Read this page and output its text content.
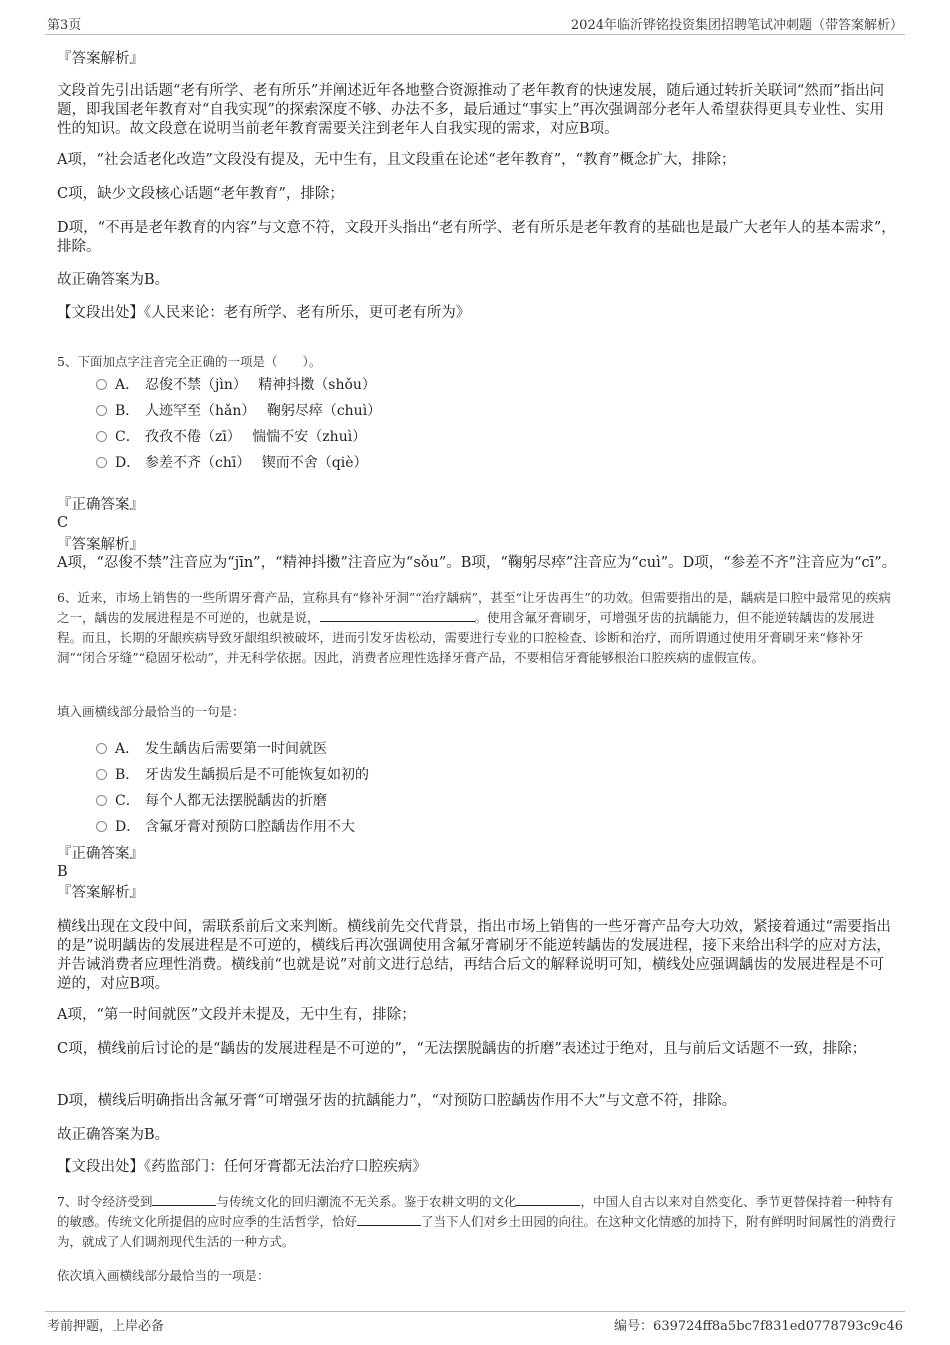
第3页	2024年临沂铧铭投资集团招聘笔试冲刺题（带答案解析）
『答案解析』
文段首先引出话题“老有所学、老有所乐”并阐述近年各地整合资源推动了老年教育的快速发展，随后通过转折关联词“然而”指出问题，即我国老年教育对“自我实现”的探索深度不够、办法不多，最后通过“事实上”再次强调部分老年人希望获得更具专业性、实用性的知识。故文段意在说明当前老年教育需要关注到老年人自我实现的需求，对应B项。
A项，“社会适老化改造”文段没有提及，无中生有，且文段重在论述“老年教育”，“教育”概念扩大，排除；
C项，缺少文段核心话题“老年教育”，排除；
D项，“不再是老年教育的内容”与文意不符，文段开头指出“老有所学、老有所乐是老年教育的基础也是最广大老年人的基本需求”，排除。
故正确答案为B。
【文段出处】《人民来论：老有所学、老有所乐，更可老有所为》
5、下面加点字注音完全正确的一项是（　　）。
A． 忍俊不禁（jìn）　 精神抖擞（shǒu）
B． 人迹罕至（hǎn）　 鞠躬尽瘁（chuì）
C． 孜孜不倦（zī）　 惴惴不安（zhuì）
D． 参差不齐（chī）　 锲而不舍（qiè）
『正确答案』
C
『答案解析』
A项，“忍俊不禁”注音应为“jīn”，“精神抖擞”注音应为“sǒu”。B项，“鞠躬尽瘁”注音应为“cuì”。D项，“参差不齐”注音应为“cī”。
6、近来，市场上销售的一些所谓牙膏产品，宣称具有“修补牙洞”“治疗龋病”，甚至“让牙齿再生”的功效。但需要指出的是，龋病是口腔中最常见的疾病之一，龋齿的发展进程是不可逆的，也就是说，	。使用含氟牙膏刷牙，可增强牙齿的抗龋能力，但不能逆转龋齿的发展进程。而且，长期的牙龈疾病导致牙龈组织被破坏，进而引发牙齿松动，需要进行专业的口腔检查、诊断和治疗，而所谓通过使用牙膏刷牙来“修补牙洞”“闭合牙缝”“稳固牙松动”，并无科学依据。因此，消费者应理性选择牙膏产品，不要相信牙膏能够根治口腔疾病的虚假宣传。
填入画横线部分最恰当的一句是：
A． 发生龋齿后需要第一时间就医
B． 牙齿发生龋损后是不可能恢复如初的
C． 每个人都无法摆脱龋齿的折磨
D． 含氟牙膏对预防口腔龋齿作用不大
『正确答案』
B
『答案解析』
横线出现在文段中间，需联系前后文来判断。横线前先交代背景，指出市场上销售的一些牙膏产品夸大功效，紧接着通过“需要指出的是”说明龋齿的发展进程是不可逆的，横线后再次强调使用含氟牙膏刷牙不能逆转龋齿的发展进程，接下来给出科学的应对方法，并告诫消费者应理性消费。横线前“也就是说”对前文进行总结，再结合后文的解释说明可知，横线处应强调龋齿的发展进程是不可逆的，对应B项。
A项，“第一时间就医”文段并未提及，无中生有，排除；
C项，横线前后讨论的是“龋齿的发展进程是不可逆的”，“无法摆脱龋齿的折磨”表述过于绝对，且与前后文话题不一致，排除；
D项，横线后明确指出含氟牙膏“可增强牙齿的抗龋能力”，“对预防口腔龋齿作用不大”与文意不符，排除。
故正确答案为B。
【文段出处】《药监部门：任何牙膏都无法治疗口腔疾病》
7、时令经济受到	与传统文化的回归潮流不无关系。鉴于农耕文明的文化	，中国人自古以来对自然变化、季节更替保持着一种特有的敏感。传统文化所提倡的应时应季的生活哲学，恰好	了当下人们对乡土田园的向往。在这种文化情感的加持下，附有鲜明时间属性的消费行为，就成了人们调剂现代生活的一种方式。
依次填入画横线部分最恰当的一项是：
考前押题，上岸必备	编号：639724ff8a5bc7f831ed0778793c9c46
